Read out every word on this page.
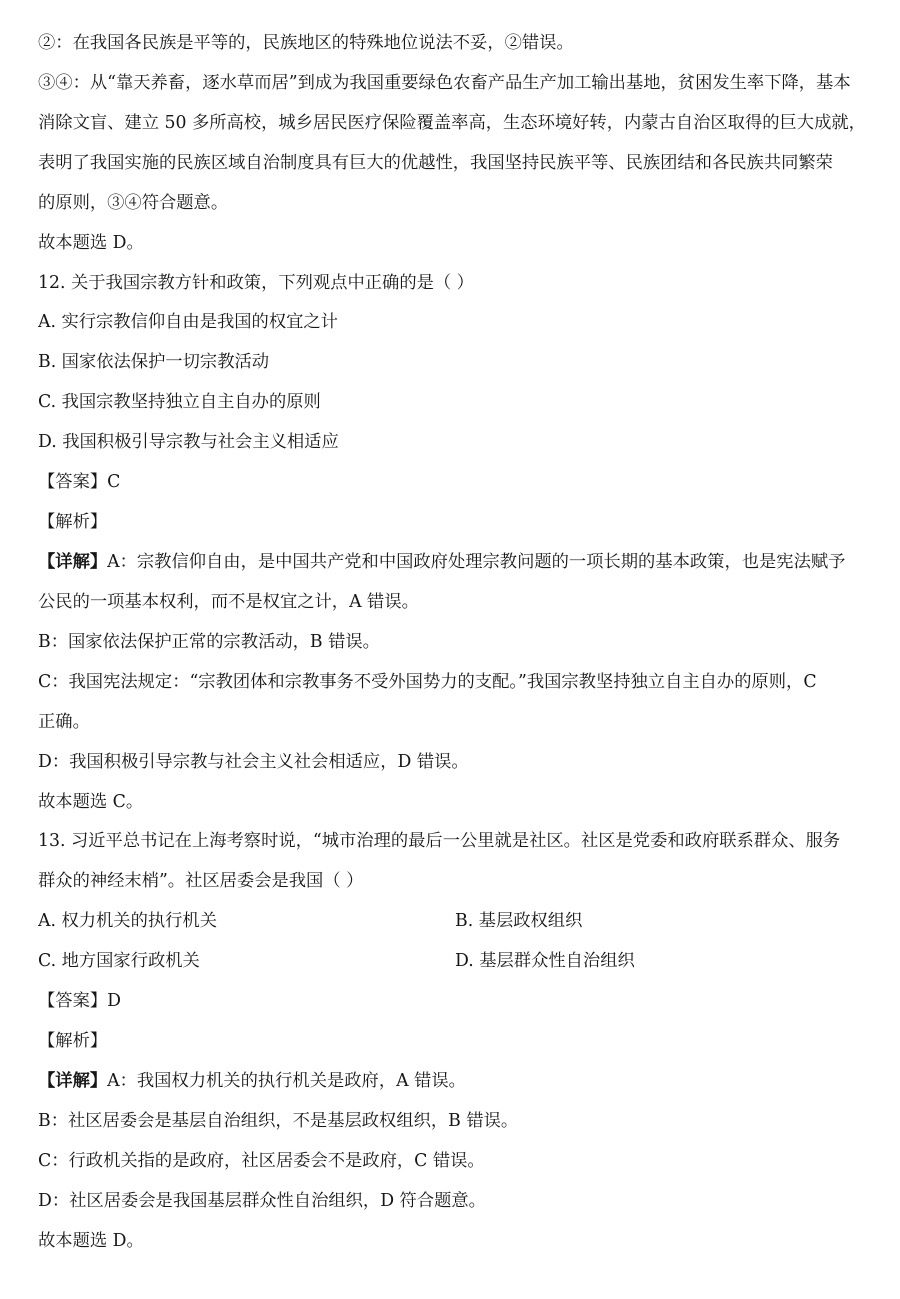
②：在我国各民族是平等的，民族地区的特殊地位说法不妥，②错误。
③④：从“靠天养畜，逐水草而居”到成为我国重要绿色农畜产品生产加工输出基地，贫困发生率下降，基本
消除文盲、建立 50 多所高校，城乡居民医疗保险覆盖率高，生态环境好转，内蒙古自治区取得的巨大成就，
表明了我国实施的民族区域自治制度具有巨大的优越性，我国坚持民族平等、民族团结和各民族共同繁荣
的原则，③④符合题意。
故本题选 D。
12. 关于我国宗教方针和政策，下列观点中正确的是（ ）
A. 实行宗教信仰自由是我国的权宜之计
B. 国家依法保护一切宗教活动
C. 我国宗教坚持独立自主自办的原则
D. 我国积极引导宗教与社会主义相适应
【答案】C
【解析】
【详解】A：宗教信仰自由，是中国共产党和中国政府处理宗教问题的一项长期的基本政策，也是宪法赋予
公民的一项基本权利，而不是权宜之计，A 错误。
B：国家依法保护正常的宗教活动，B 错误。
C：我国宪法规定：“宗教团体和宗教事务不受外国势力的支配。”我国宗教坚持独立自主自办的原则，C
正确。
D：我国积极引导宗教与社会主义社会相适应，D 错误。
故本题选 C。
13. 习近平总书记在上海考察时说，“城市治理的最后一公里就是社区。社区是党委和政府联系群众、服务
群众的神经末梢”。社区居委会是我国（ ）
A. 权力机关的执行机关	B. 基层政权组织
C. 地方国家行政机关	D. 基层群众性自治组织
【答案】D
【解析】
【详解】A：我国权力机关的执行机关是政府，A 错误。
B：社区居委会是基层自治组织，不是基层政权组织，B 错误。
C：行政机关指的是政府，社区居委会不是政府，C 错误。
D：社区居委会是我国基层群众性自治组织，D 符合题意。
故本题选 D。
